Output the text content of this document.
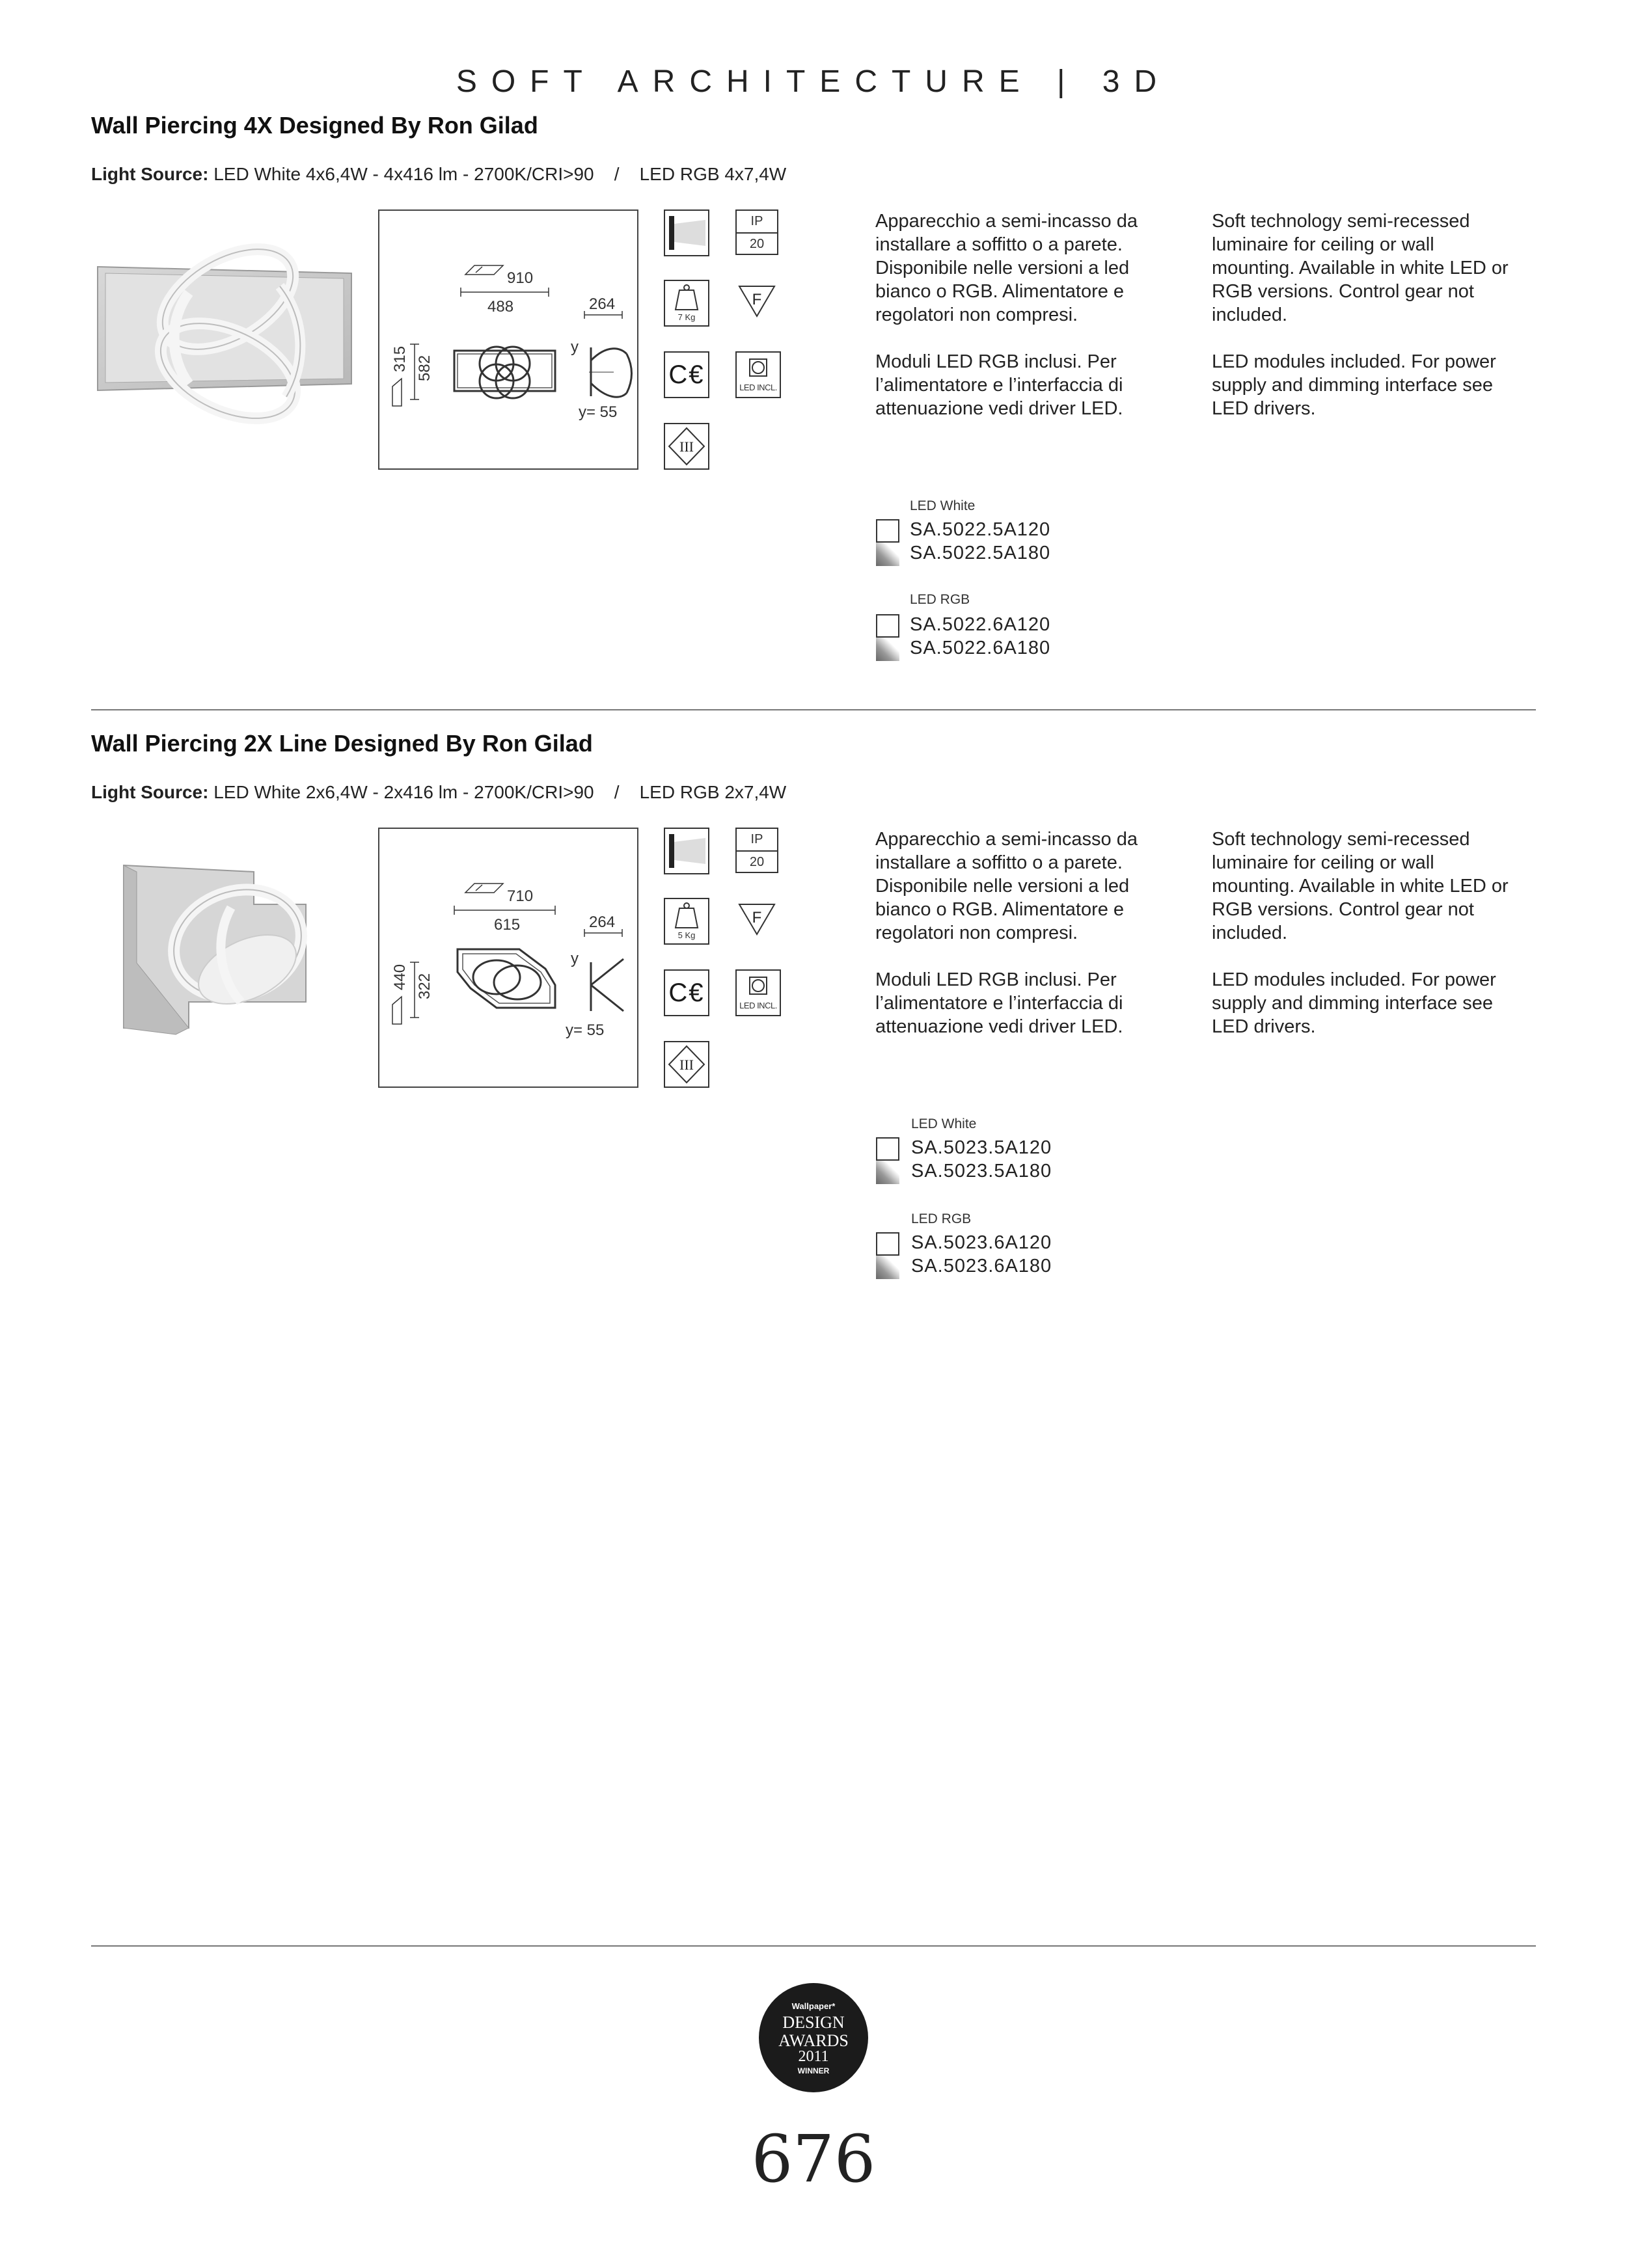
SOFT ARCHITECTURE | 3D
Wall Piercing 4X Designed By Ron Gilad
Light Source: LED White 4x6,4W - 4x416 lm - 2700K/CRI>90    /    LED RGB 4x7,4W
910
488	264
315 582
y
y= 55
7 Kg
C€
III
IP
20
F
LED INCL.

Apparecchio a semi-incasso da installare a soffitto o a parete. Disponibile nelle versioni a led bianco o RGB. Alimentatore e regolatori non compresi.

Moduli LED RGB inclusi. Per l’alimentatore e l’interfaccia di attenuazione vedi driver LED.

Soft technology semi-recessed luminaire for ceiling or wall mounting. Available in white LED or RGB versions. Control gear not included.

LED modules included. For power supply and dimming interface see LED drivers.

LED White
SA.5022.5A120
SA.5022.5A180
LED RGB
SA.5022.6A120
SA.5022.6A180
Wall Piercing 2X Line Designed By Ron Gilad
Light Source: LED White 2x6,4W - 2x416 lm - 2700K/CRI>90    /    LED RGB 2x7,4W
710
615	264
440 322
y
y= 55
5 Kg
C€
III
IP
20
F
LED INCL.

Apparecchio a semi-incasso da installare a soffitto o a parete. Disponibile nelle versioni a led bianco o RGB. Alimentatore e regolatori non compresi.

Moduli LED RGB inclusi. Per l’alimentatore e l’interfaccia di attenuazione vedi driver LED.

Soft technology semi-recessed luminaire for ceiling or wall mounting. Available in white LED or RGB versions. Control gear not included.

LED modules included. For power supply and dimming interface see LED drivers.

LED White
SA.5023.5A120
SA.5023.5A180
LED RGB
SA.5023.6A120
SA.5023.6A180
Wallpaper*
DESIGN
AWARDS
2011
WINNER
676
